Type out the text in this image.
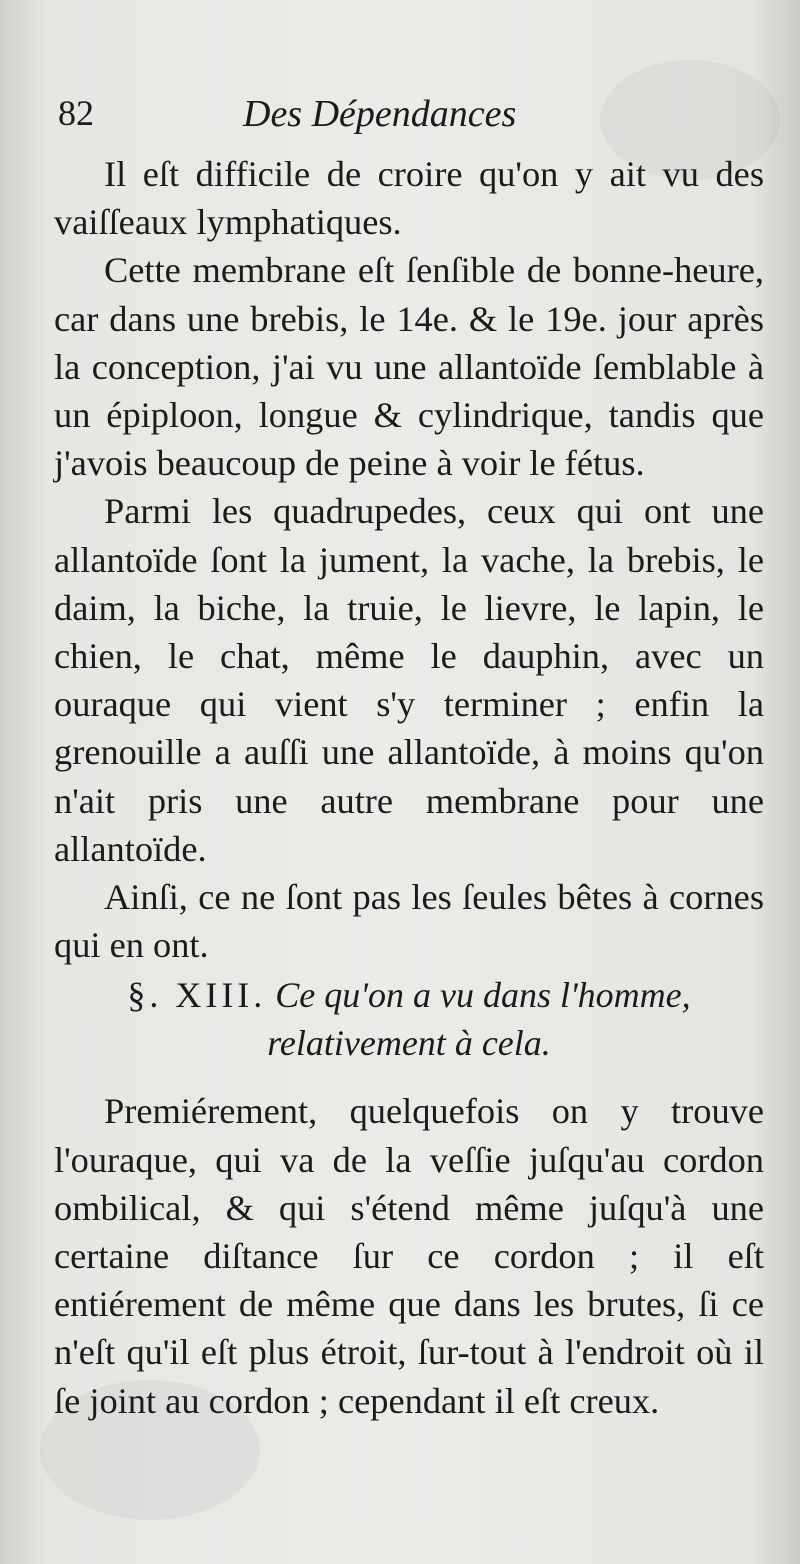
82	Des Dépendances

Il eſt difficile de croire qu'on y ait vu des vaiſſeaux lymphatiques.

Cette membrane eſt ſenſible de bonne-heure, car dans une brebis, le 14e. & le 19e. jour après la conception, j'ai vu une allantoïde ſemblable à un épiploon, longue & cylindrique, tandis que j'avois beaucoup de peine à voir le fétus.

Parmi les quadrupedes, ceux qui ont une allantoïde ſont la jument, la vache, la brebis, le daim, la biche, la truie, le lievre, le lapin, le chien, le chat, même le dauphin, avec un ouraque qui vient s'y terminer ; enfin la grenouille a auſſi une allantoïde, à moins qu'on n'ait pris une autre membrane pour une allantoïde.

Ainſi, ce ne ſont pas les ſeules bêtes à cornes qui en ont.

§. XIII. Ce qu'on a vu dans l'homme,
relativement à cela.

Premiérement, quelquefois on y trouve l'ouraque, qui va de la veſſie juſqu'au cordon ombilical, & qui s'étend même juſqu'à une certaine diſtance ſur ce cordon ; il eſt entiérement de même que dans les brutes, ſi ce n'eſt qu'il eſt plus étroit, ſur-tout à l'endroit où il ſe joint au cordon ; cependant il eſt creux.
